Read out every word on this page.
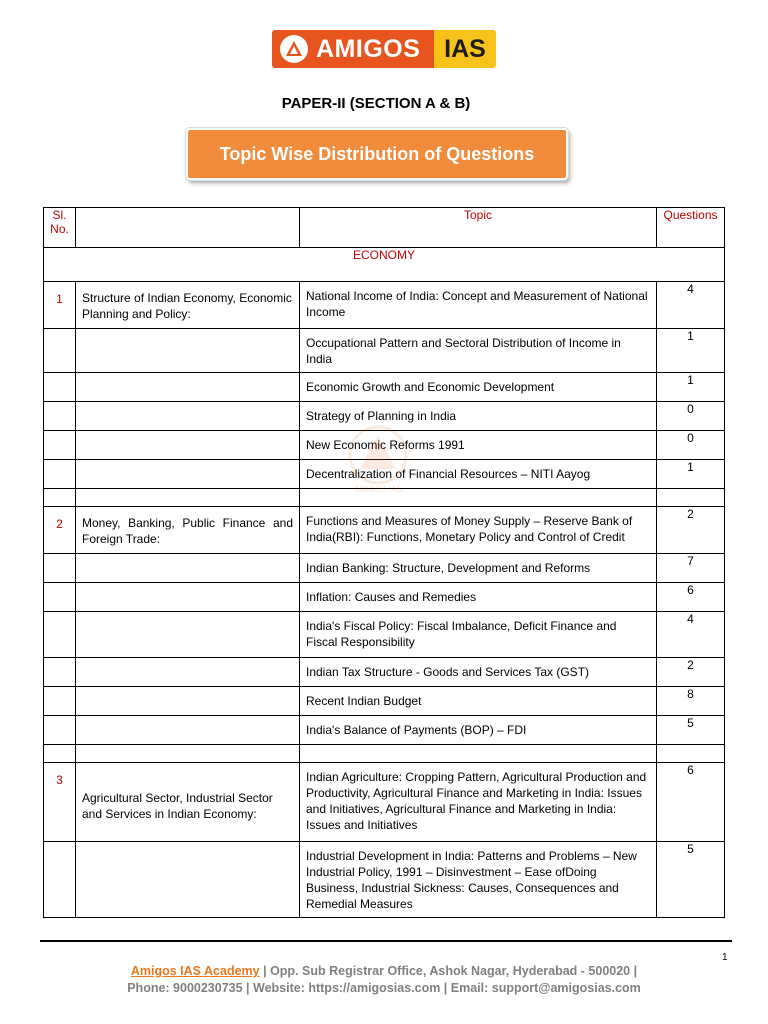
AMIGOS IAS
PAPER-II (SECTION A & B)
Topic Wise Distribution of Questions
Sl. No.		Topic	Questions
ECONOMY			
1	Structure of Indian Economy, Economic Planning and Policy:	National Income of India: Concept and Measurement of National Income	4
		Occupational Pattern and Sectoral Distribution of Income in India	1
		Economic Growth and Economic Development	1
		Strategy of Planning in India	0
		New Economic Reforms 1991	0
		Decentralization of Financial Resources – NITI Aayog	1

2	Money, Banking, Public Finance and Foreign Trade:	Functions and Measures of Money Supply – Reserve Bank of India(RBI): Functions, Monetary Policy and Control of Credit	2
		Indian Banking: Structure, Development and Reforms	7
		Inflation: Causes and Remedies	6
		India's Fiscal Policy: Fiscal Imbalance, Deficit Finance and Fiscal Responsibility	4
		Indian Tax Structure - Goods and Services Tax (GST)	2
		Recent Indian Budget	8
		India's Balance of Payments (BOP) – FDI	5

3	Agricultural Sector, Industrial Sector and Services in Indian Economy:	Indian Agriculture: Cropping Pattern, Agricultural Production and Productivity, Agricultural Finance and Marketing in India: Issues and Initiatives, Agricultural Finance and Marketing in India: Issues and Initiatives	6
		Industrial Development in India: Patterns and Problems – New Industrial Policy, 1991 – Disinvestment – Ease ofDoing Business, Industrial Sickness: Causes, Consequences and Remedial Measures	5
AMIGOS IAS
1
Amigos IAS Academy | Opp. Sub Registrar Office, Ashok Nagar, Hyderabad - 500020 |
Phone: 9000230735 | Website: https://amigosias.com | Email: support@amigosias.com
